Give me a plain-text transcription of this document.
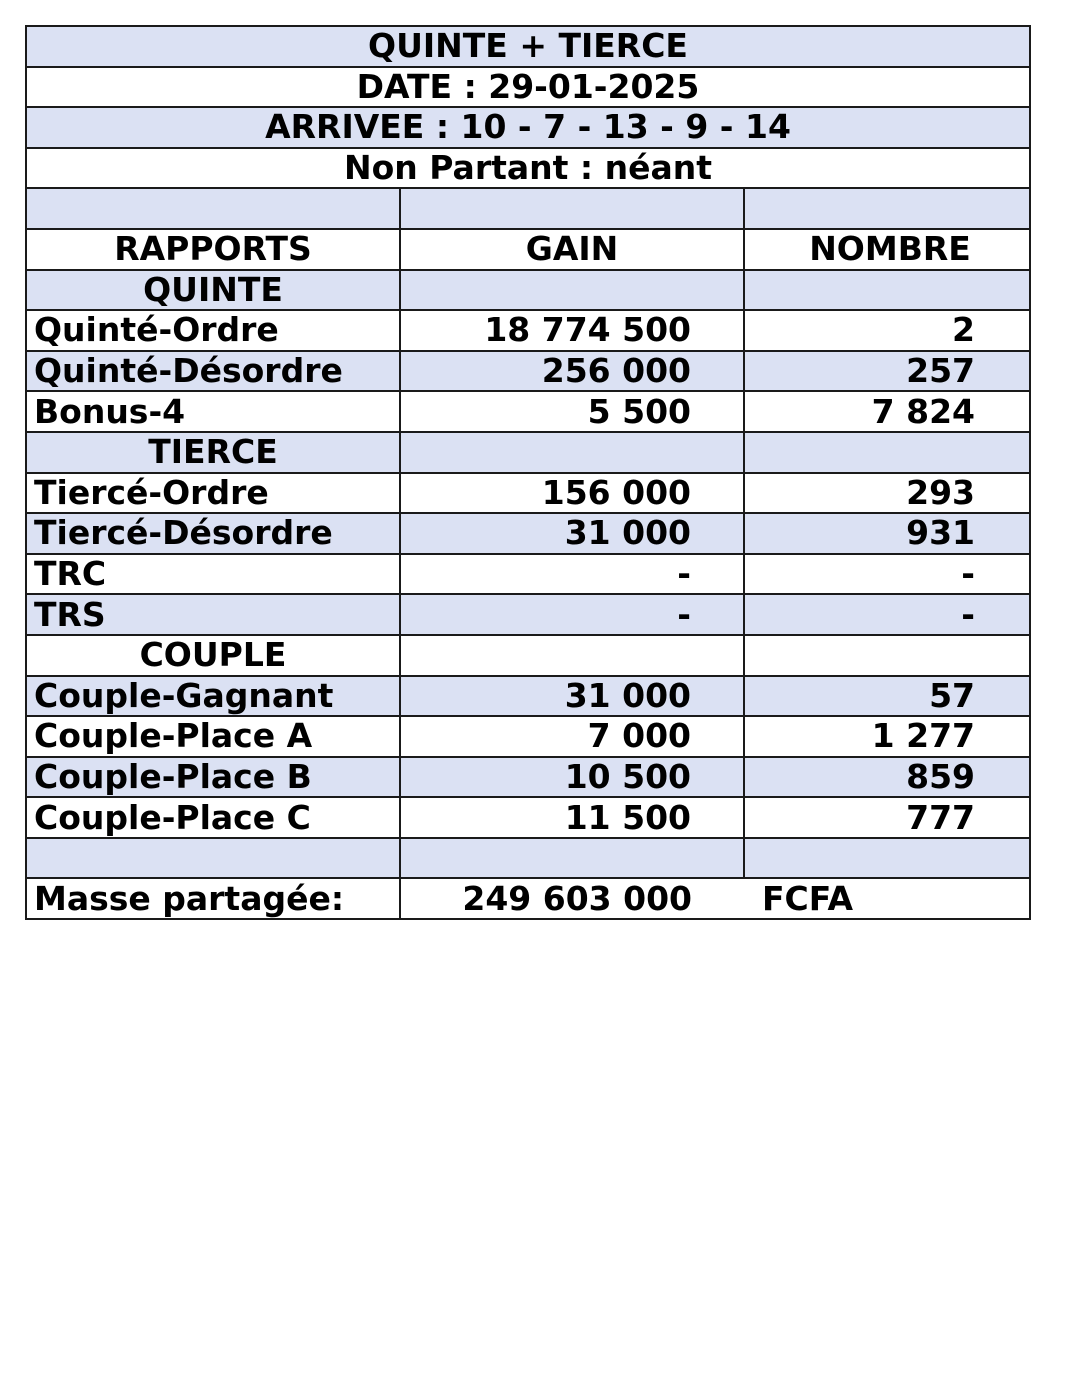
QUINTE + TIERCE		
DATE : 29-01-2025		
ARRIVEE : 10 - 7 - 13 - 9 - 14		
Non Partant : néant		

RAPPORTS	GAIN	NOMBRE
QUINTE		
Quinté-Ordre	18 774 500	2
Quinté-Désordre	256 000	257
Bonus-4	5 500	7 824
TIERCE		
Tiercé-Ordre	156 000	293
Tiercé-Désordre	31 000	931
TRC	-	-
TRS	-	-
COUPLE		
Couple-Gagnant	31 000	57
Couple-Place A	7 000	1 277
Couple-Place B	10 500	859
Couple-Place C	11 500	777

Masse partagée:	249 603 000	FCFA
